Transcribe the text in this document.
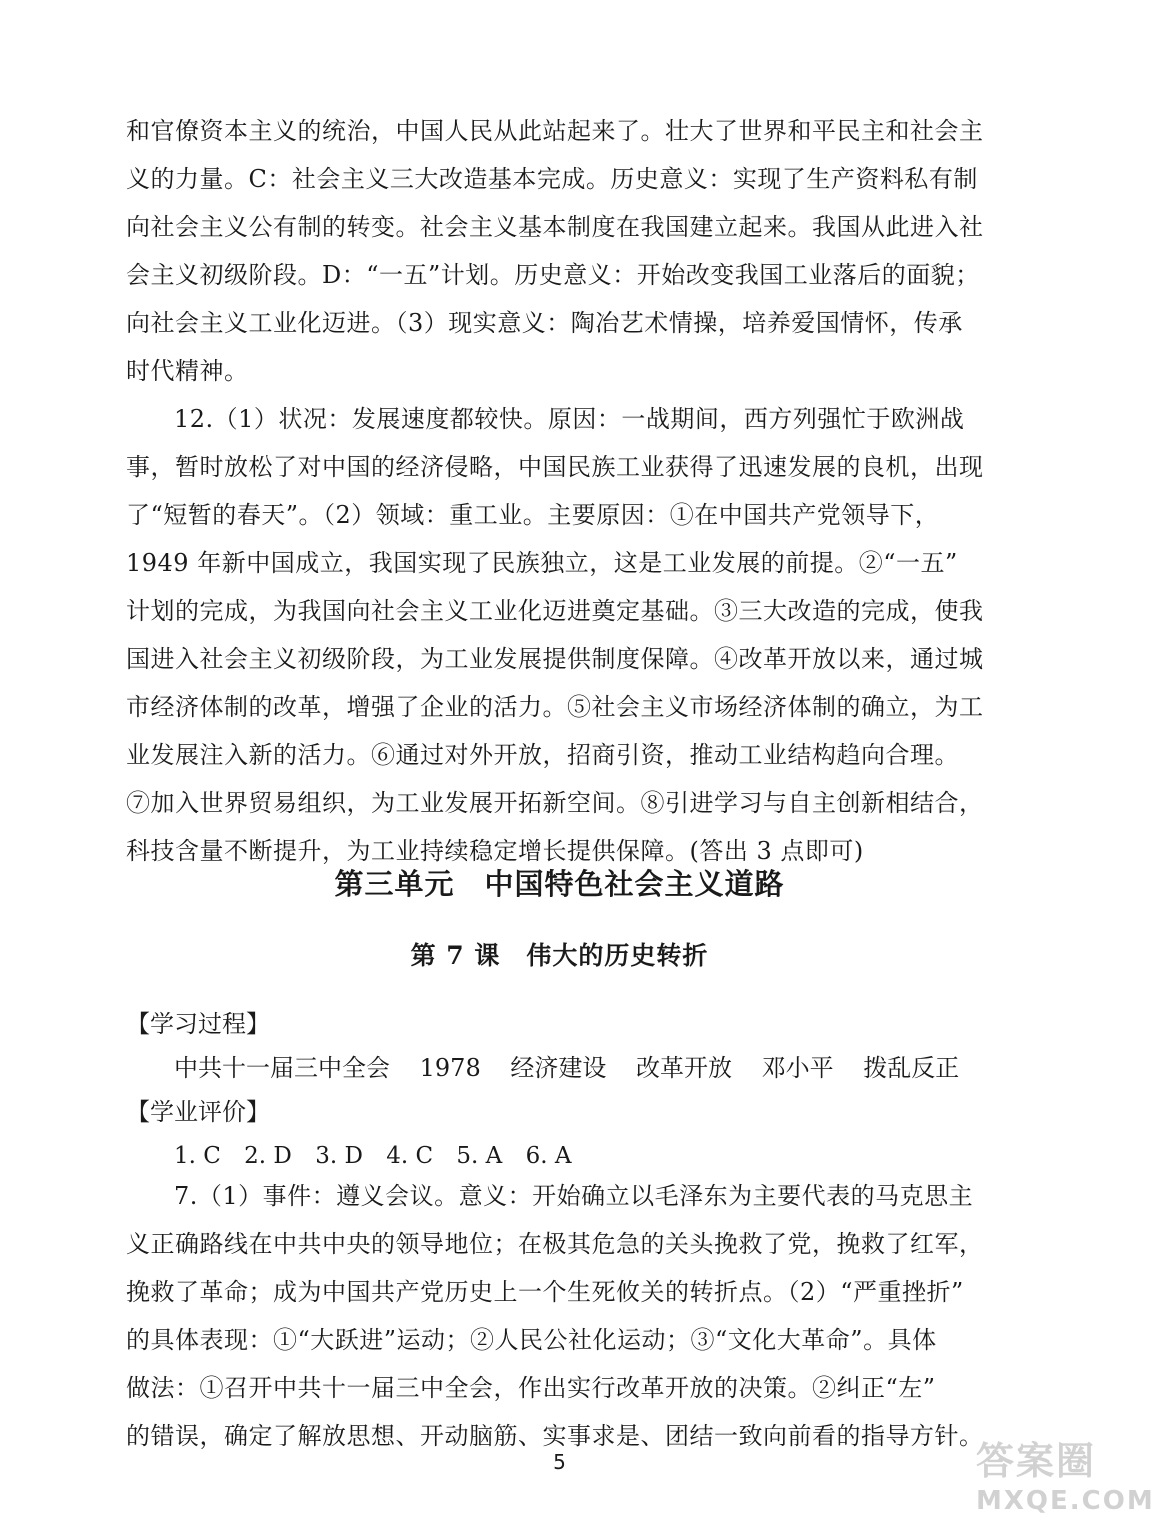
和官僚资本主义的统治，中国人民从此站起来了。壮大了世界和平民主和社会主
义的力量。C：社会主义三大改造基本完成。历史意义：实现了生产资料私有制
向社会主义公有制的转变。社会主义基本制度在我国建立起来。我国从此进入社
会主义初级阶段。D：“一五”计划。历史意义：开始改变我国工业落后的面貌；
向社会主义工业化迈进。（3）现实意义：陶冶艺术情操，培养爱国情怀，传承
时代精神。
12.（1）状况：发展速度都较快。原因：一战期间，西方列强忙于欧洲战
事，暂时放松了对中国的经济侵略，中国民族工业获得了迅速发展的良机，出现
了“短暂的春天”。（2）领域：重工业。主要原因：①在中国共产党领导下，
1949 年新中国成立，我国实现了民族独立，这是工业发展的前提。②“一五”
计划的完成，为我国向社会主义工业化迈进奠定基础。③三大改造的完成，使我
国进入社会主义初级阶段，为工业发展提供制度保障。④改革开放以来，通过城
市经济体制的改革，增强了企业的活力。⑤社会主义市场经济体制的确立，为工
业发展注入新的活力。⑥通过对外开放，招商引资，推动工业结构趋向合理。
⑦加入世界贸易组织，为工业发展开拓新空间。⑧引进学习与自主创新相结合，
科技含量不断提升，为工业持续稳定增长提供保障。(答出 3 点即可)
第三单元　中国特色社会主义道路
第 7 课　伟大的历史转折
【学习过程】
中共十一届三中全会 1978 经济建设 改革开放 邓小平 拨乱反正
【学业评价】
1. C 2. D 3. D 4. C 5. A 6. A
7.（1）事件：遵义会议。意义：开始确立以毛泽东为主要代表的马克思主
义正确路线在中共中央的领导地位；在极其危急的关头挽救了党，挽救了红军，
挽救了革命；成为中国共产党历史上一个生死攸关的转折点。（2）“严重挫折”
的具体表现：①“大跃进”运动；②人民公社化运动；③“文化大革命”。具体
做法：①召开中共十一届三中全会，作出实行改革开放的决策。②纠正“左”
的错误，确定了解放思想、开动脑筋、实事求是、团结一致向前看的指导方针。
5	答案圈
MXQE.COM
